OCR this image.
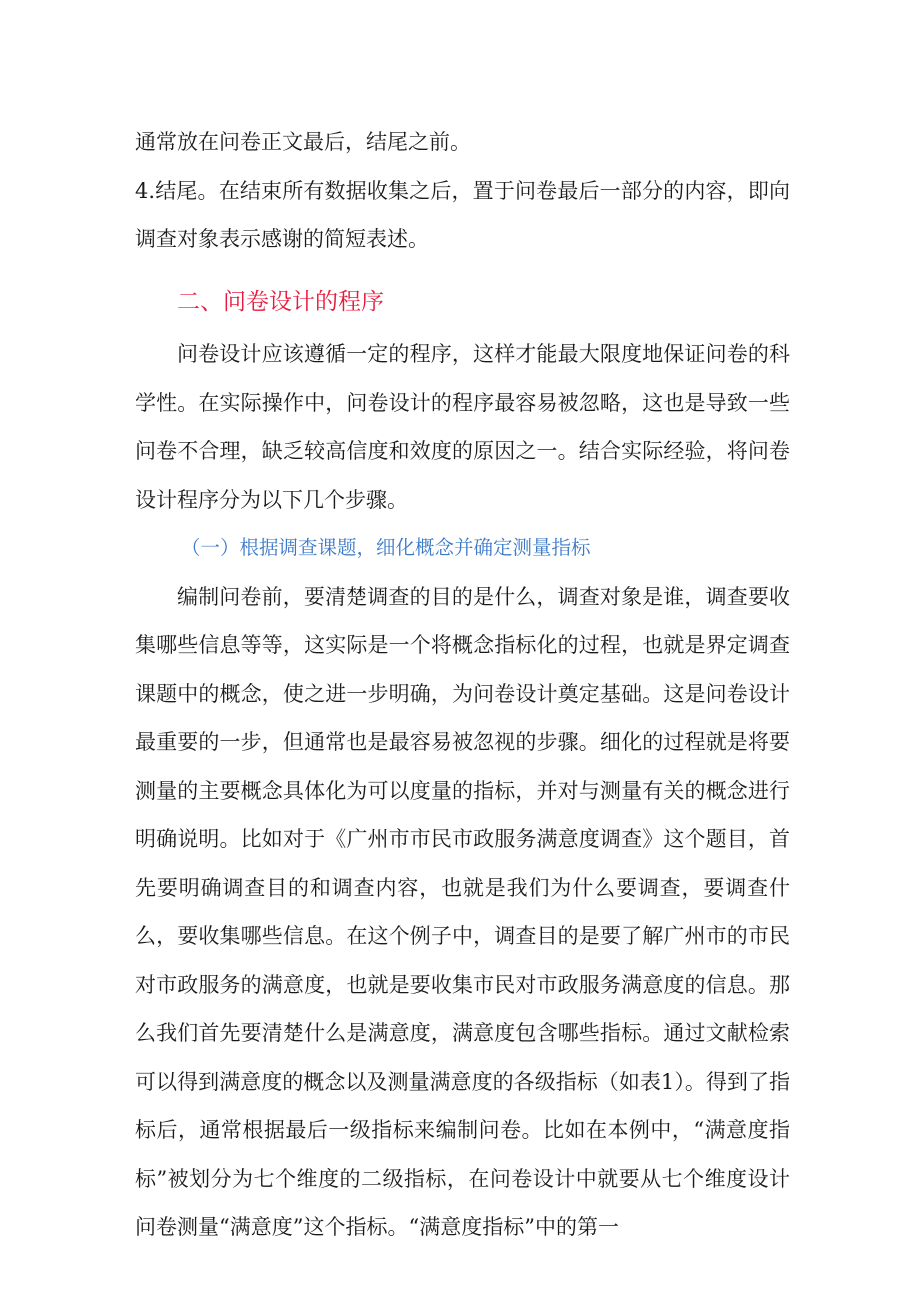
通常放在问卷正文最后，结尾之前。

4.结尾。在结束所有数据收集之后，置于问卷最后一部分的内容，即向调查对象表示感谢的简短表述。

二、问卷设计的程序

问卷设计应该遵循一定的程序，这样才能最大限度地保证问卷的科学性。在实际操作中，问卷设计的程序最容易被忽略，这也是导致一些问卷不合理，缺乏较高信度和效度的原因之一。结合实际经验，将问卷设计程序分为以下几个步骤。

（一）根据调查课题，细化概念并确定测量指标

编制问卷前，要清楚调查的目的是什么，调查对象是谁，调查要收集哪些信息等等，这实际是一个将概念指标化的过程，也就是界定调查课题中的概念，使之进一步明确，为问卷设计奠定基础。这是问卷设计最重要的一步，但通常也是最容易被忽视的步骤。细化的过程就是将要测量的主要概念具体化为可以度量的指标，并对与测量有关的概念进行明确说明。比如对于《广州市市民市政服务满意度调查》这个题目，首先要明确调查目的和调查内容，也就是我们为什么要调查，要调查什么，要收集哪些信息。在这个例子中，调查目的是要了解广州市的市民对市政服务的满意度，也就是要收集市民对市政服务满意度的信息。那么我们首先要清楚什么是满意度，满意度包含哪些指标。通过文献检索可以得到满意度的概念以及测量满意度的各级指标（如表1）。得到了指标后，通常根据最后一级指标来编制问卷。比如在本例中，“满意度指标”被划分为七个维度的二级指标，在问卷设计中就要从七个维度设计问卷测量“满意度”这个指标。“满意度指标”中的第一
